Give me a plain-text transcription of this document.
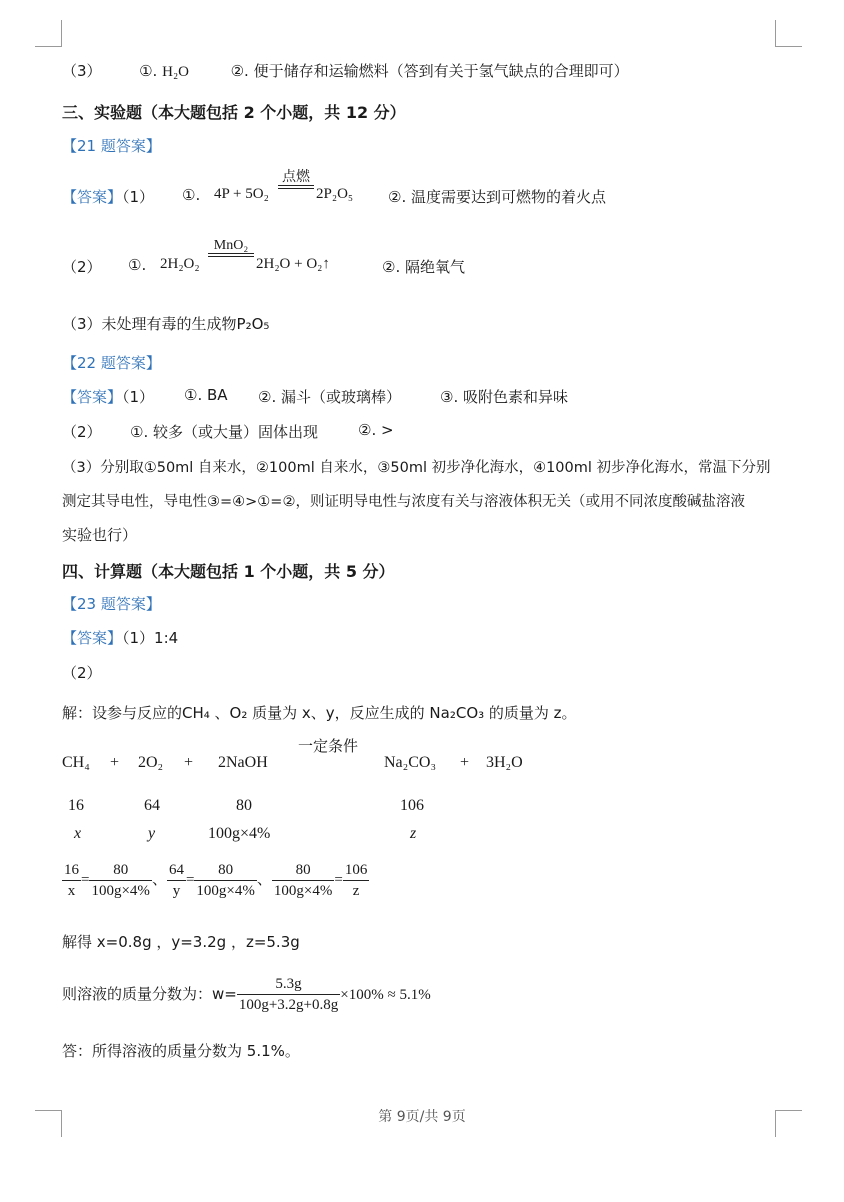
（3）	①. H₂O	②. 便于储存和运输燃料（答到有关于氢气缺点的合理即可）
三、实验题（本大题包括 2 个小题，共 12 分）
【21 题答案】
【答案】（1） ①. 4P + 5O₂
点燃
2P₂O₅ ②. 温度需要达到可燃物的着火点
（2） ①. 2H₂O₂
MnO₂
2H₂O + O₂↑	②. 隔绝氧气
（3）未处理有毒的生成物P₂O₅
【22 题答案】
【答案】（1） ①. BA ②. 漏斗（或玻璃棒）	③. 吸附色素和异味
（2） ①. 较多（或大量）固体出现	②. >
（3）分别取①50ml 自来水，②100ml 自来水，③50ml 初步净化海水，④100ml 初步净化海水，常温下分别
测定其导电性，导电性③=④>①=②，则证明导电性与浓度有关与溶液体积无关（或用不同浓度酸碱盐溶液
实验也行）
四、计算题（本大题包括 1 个小题，共 5 分）
【23 题答案】
【答案】（1）1:4
（2）
解：设参与反应的CH₄ 、O₂ 质量为 x、y，反应生成的 Na₂CO₃ 的质量为 z。
CH₄ + 2O₂ + 2NaOH
一定条件
Na₂CO₃ + 3H₂O
16	64	80	106
x	y	100g×4%	z
$\frac{16}{x} = \frac{80}{100g\times 4\%}$ 、 $\frac{64}{y} = \frac{80}{100g\times 4\%}$ 、 $\frac{80}{100g\times 4\%} = \frac{106}{z}$
解得 x=0.8g ，y=3.2g ，z=5.3g
则溶液的质量分数为：$w= \frac{5.3g}{100g+3.2g+0.8g} \times 100\% \approx 5.1\%$
答：所得溶液的质量分数为 5.1%。
第 9页/共 9页
